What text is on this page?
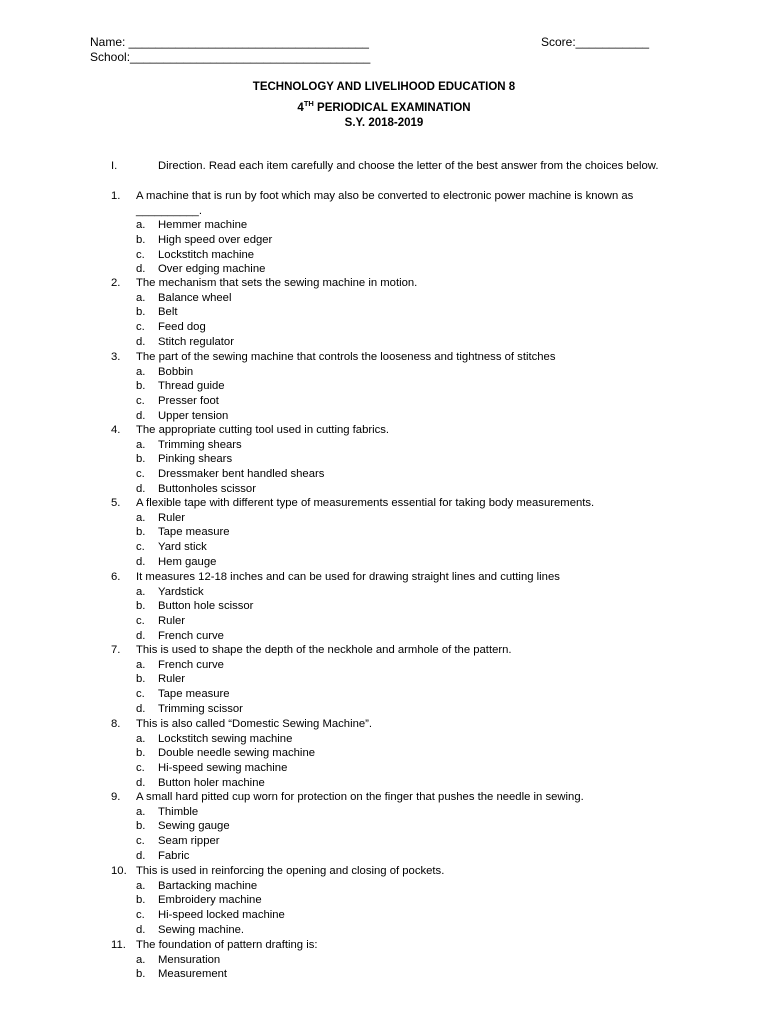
Name: ____________________________________
School:____________________________________
Score:___________
TECHNOLOGY AND LIVELIHOOD EDUCATION 8
4TH PERIODICAL EXAMINATION
S.Y. 2018-2019
I.	Direction. Read each item carefully and choose the letter of the best answer from the choices below.
1. A machine that is run by foot which may also be converted to electronic power machine is known as __________.
a. Hemmer machine
b. High speed over edger
c. Lockstitch machine
d. Over edging machine
2. The mechanism that sets the sewing machine in motion.
a. Balance wheel
b. Belt
c. Feed dog
d. Stitch regulator
3. The part of the sewing machine that controls the looseness and tightness of stitches
a. Bobbin
b. Thread guide
c. Presser foot
d. Upper tension
4. The appropriate cutting tool used in cutting fabrics.
a. Trimming shears
b. Pinking shears
c. Dressmaker bent handled shears
d. Buttonholes scissor
5. A flexible tape with different type of measurements essential for taking body measurements.
a. Ruler
b. Tape measure
c. Yard stick
d. Hem gauge
6. It measures 12-18 inches and can be used for drawing straight lines and cutting lines
a. Yardstick
b. Button hole scissor
c. Ruler
d. French curve
7. This is used to shape the depth of the neckhole and armhole of the pattern.
a. French curve
b. Ruler
c. Tape measure
d. Trimming scissor
8. This is also called “Domestic Sewing Machine”.
a. Lockstitch sewing machine
b. Double needle sewing machine
c. Hi-speed sewing machine
d. Button holer machine
9. A small hard pitted cup worn for protection on the finger that pushes the needle in sewing.
a. Thimble
b. Sewing gauge
c. Seam ripper
d. Fabric
10. This is used in reinforcing the opening and closing of pockets.
a. Bartacking machine
b. Embroidery machine
c. Hi-speed locked machine
d. Sewing machine.
11. The foundation of pattern drafting is:
a. Mensuration
b. Measurement
